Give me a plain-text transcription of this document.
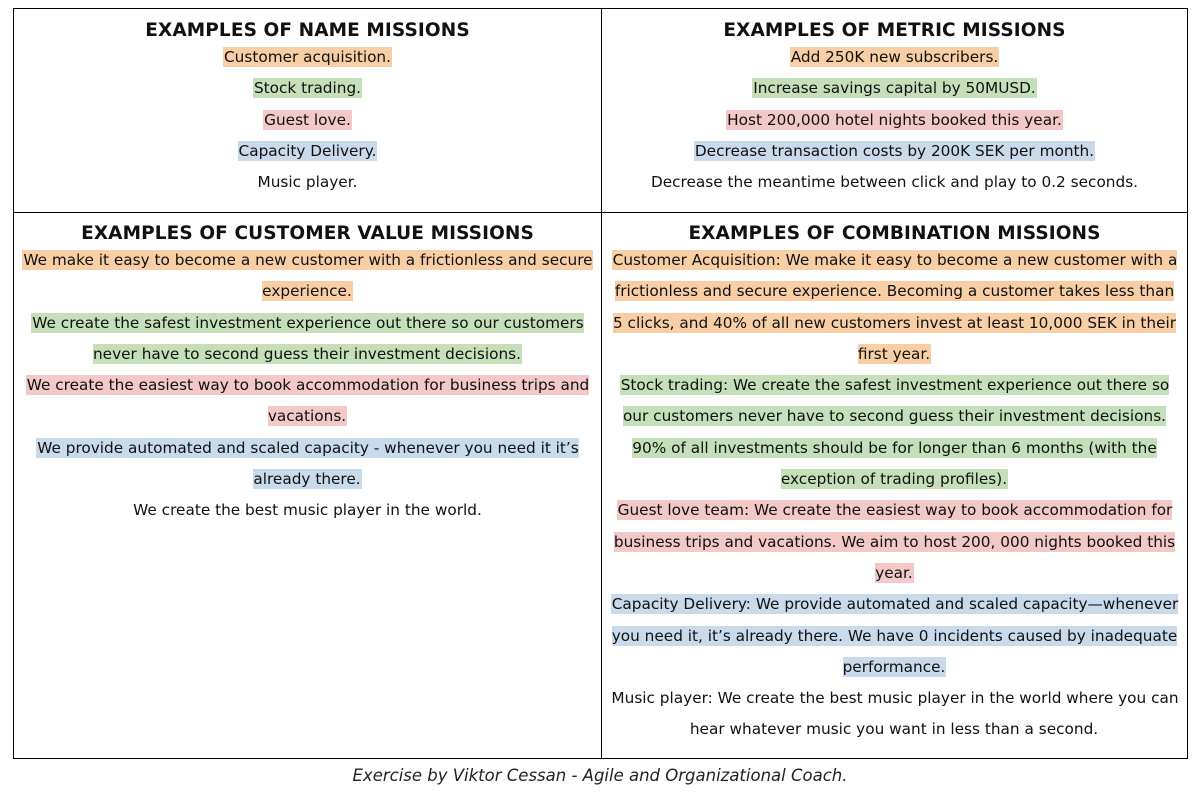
EXAMPLES OF NAME MISSIONS

Customer acquisition.

Stock trading.

Guest love.

Capacity Delivery.

Music player.

EXAMPLES OF METRIC MISSIONS

Add 250K new subscribers.

Increase savings capital by 50MUSD.

Host 200,000 hotel nights booked this year.

Decrease transaction costs by 200K SEK per month.

Decrease the meantime between click and play to 0.2 seconds.

EXAMPLES OF CUSTOMER VALUE MISSIONS

We make it easy to become a new customer with a frictionless and secure experience.

We create the safest investment experience out there so our customers never have to second guess their investment decisions.

We create the easiest way to book accommodation for business trips and vacations.

We provide automated and scaled capacity - whenever you need it it’s already there.

We create the best music player in the world.

EXAMPLES OF COMBINATION MISSIONS

Customer Acquisition: We make it easy to become a new customer with a frictionless and secure experience. Becoming a customer takes less than 5 clicks, and 40% of all new customers invest at least 10,000 SEK in their first year.

Stock trading: We create the safest investment experience out there so our customers never have to second guess their investment decisions. 90% of all investments should be for longer than 6 months (with the exception of trading profiles).

Guest love team: We create the easiest way to book accommodation for business trips and vacations. We aim to host 200, 000 nights booked this year.

Capacity Delivery: We provide automated and scaled capacity—whenever you need it, it’s already there. We have 0 incidents caused by inadequate performance.

Music player: We create the best music player in the world where you can hear whatever music you want in less than a second.

Exercise by Viktor Cessan - Agile and Organizational Coach.
